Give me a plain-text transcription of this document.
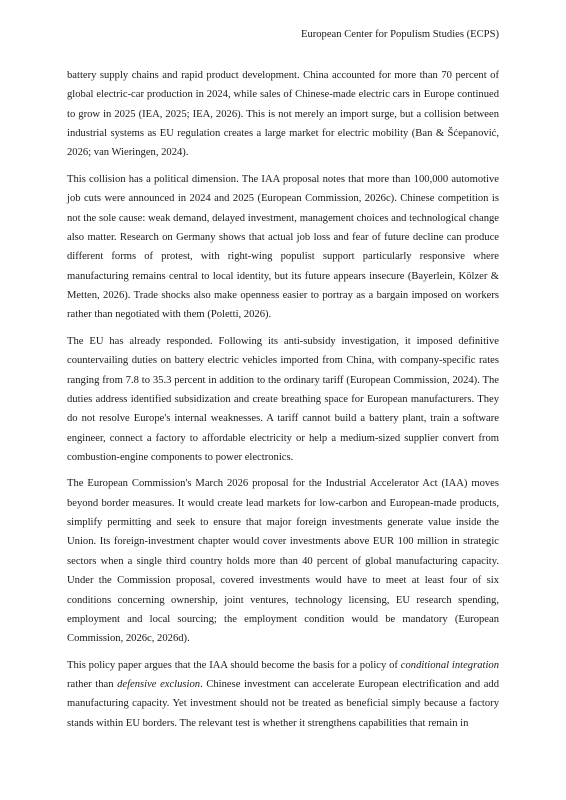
European Center for Populism Studies (ECPS)

battery supply chains and rapid product development. China accounted for more than 70 percent of global electric-car production in 2024, while sales of Chinese-made electric cars in Europe continued to grow in 2025 (IEA, 2025; IEA, 2026). This is not merely an import surge, but a collision between industrial systems as EU regulation creates a large market for electric mobility (Ban & Šćepanović, 2026; van Wieringen, 2024).

This collision has a political dimension. The IAA proposal notes that more than 100,000 automotive job cuts were announced in 2024 and 2025 (European Commission, 2026c). Chinese competition is not the sole cause: weak demand, delayed investment, management choices and technological change also matter. Research on Germany shows that actual job loss and fear of future decline can produce different forms of protest, with right-wing populist support particularly responsive where manufacturing remains central to local identity, but its future appears insecure (Bayerlein, Kölzer & Metten, 2026). Trade shocks also make openness easier to portray as a bargain imposed on workers rather than negotiated with them (Poletti, 2026).

The EU has already responded. Following its anti-subsidy investigation, it imposed definitive countervailing duties on battery electric vehicles imported from China, with company-specific rates ranging from 7.8 to 35.3 percent in addition to the ordinary tariff (European Commission, 2024). The duties address identified subsidization and create breathing space for European manufacturers. They do not resolve Europe's internal weaknesses. A tariff cannot build a battery plant, train a software engineer, connect a factory to affordable electricity or help a medium-sized supplier convert from combustion-engine components to power electronics.

The European Commission's March 2026 proposal for the Industrial Accelerator Act (IAA) moves beyond border measures. It would create lead markets for low-carbon and European-made products, simplify permitting and seek to ensure that major foreign investments generate value inside the Union. Its foreign-investment chapter would cover investments above EUR 100 million in strategic sectors when a single third country holds more than 40 percent of global manufacturing capacity. Under the Commission proposal, covered investments would have to meet at least four of six conditions concerning ownership, joint ventures, technology licensing, EU research spending, employment and local sourcing; the employment condition would be mandatory (European Commission, 2026c, 2026d).

This policy paper argues that the IAA should become the basis for a policy of conditional integration rather than defensive exclusion. Chinese investment can accelerate European electrification and add manufacturing capacity. Yet investment should not be treated as beneficial simply because a factory stands within EU borders. The relevant test is whether it strengthens capabilities that remain in
